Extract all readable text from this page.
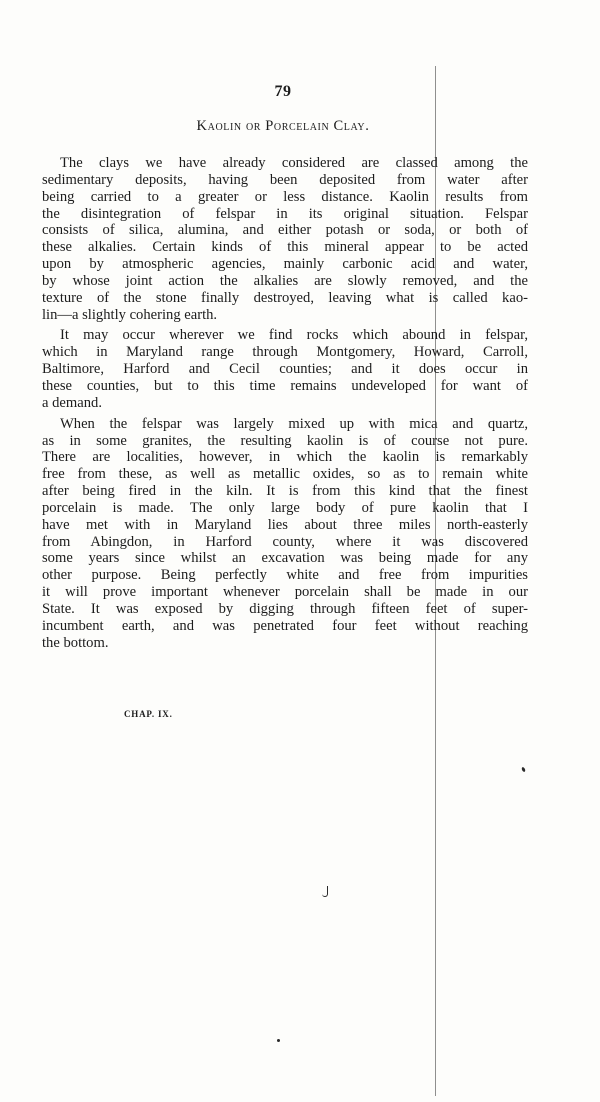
79
Kaolin or Porcelain Clay.
The clays we have already considered are classed among the
sedimentary deposits, having been deposited from water after
being carried to a greater or less distance. Kaolin results from
the disintegration of felspar in its original situation. Felspar
consists of silica, alumina, and either potash or soda, or both of
these alkalies. Certain kinds of this mineral appear to be acted
upon by atmospheric agencies, mainly carbonic acid and water,
by whose joint action the alkalies are slowly removed, and the
texture of the stone finally destroyed, leaving what is called kao-
lin—a slightly cohering earth.
It may occur wherever we find rocks which abound in felspar,
which in Maryland range through Montgomery, Howard, Carroll,
Baltimore, Harford and Cecil counties; and it does occur in
these counties, but to this time remains undeveloped for want of
a demand.
When the felspar was largely mixed up with mica and quartz,
as in some granites, the resulting kaolin is of course not pure.
There are localities, however, in which the kaolin is remarkably
free from these, as well as metallic oxides, so as to remain white
after being fired in the kiln. It is from this kind that the finest
porcelain is made. The only large body of pure kaolin that I
have met with in Maryland lies about three miles north-easterly
from Abingdon, in Harford county, where it was discovered
some years since whilst an excavation was being made for any
other purpose. Being perfectly white and free from impurities
it will prove important whenever porcelain shall be made in our
State. It was exposed by digging through fifteen feet of super-
incumbent earth, and was penetrated four feet without reaching
the bottom.
CHAP. IX.
